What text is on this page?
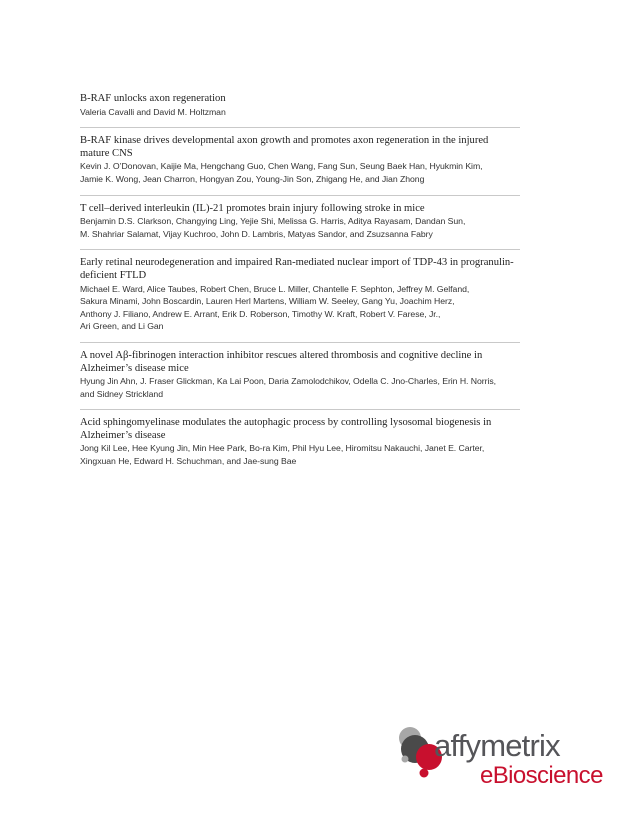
B-RAF unlocks axon regeneration

Valeria Cavalli and David M. Holtzman

B-RAF kinase drives developmental axon growth and promotes axon regeneration in the injured mature CNS

Kevin J. O’Donovan, Kaijie Ma, Hengchang Guo, Chen Wang, Fang Sun, Seung Baek Han, Hyukmin Kim,

Jamie K. Wong, Jean Charron, Hongyan Zou, Young-Jin Son, Zhigang He, and Jian Zhong

T cell–derived interleukin (IL)-21 promotes brain injury following stroke in mice

Benjamin D.S. Clarkson, Changying Ling, Yejie Shi, Melissa G. Harris, Aditya Rayasam, Dandan Sun,

M. Shahriar Salamat, Vijay Kuchroo, John D. Lambris, Matyas Sandor, and Zsuzsanna Fabry

Early retinal neurodegeneration and impaired Ran-mediated nuclear import of TDP-43 in progranulin-deficient FTLD

Michael E. Ward, Alice Taubes, Robert Chen, Bruce L. Miller, Chantelle F. Sephton, Jeffrey M. Gelfand,

Sakura Minami, John Boscardin, Lauren Herl Martens, William W. Seeley, Gang Yu, Joachim Herz,

Anthony J. Filiano, Andrew E. Arrant, Erik D. Roberson, Timothy W. Kraft, Robert V. Farese, Jr.,

Ari Green, and Li Gan

A novel Aβ-fibrinogen interaction inhibitor rescues altered thrombosis and cognitive decline in Alzheimer’s disease mice

Hyung Jin Ahn, J. Fraser Glickman, Ka Lai Poon, Daria Zamolodchikov, Odella C. Jno-Charles, Erin H. Norris,

and Sidney Strickland

Acid sphingomyelinase modulates the autophagic process by controlling lysosomal biogenesis in Alzheimer’s disease

Jong Kil Lee, Hee Kyung Jin, Min Hee Park, Bo-ra Kim, Phil Hyu Lee, Hiromitsu Nakauchi, Janet E. Carter,

Xingxuan He, Edward H. Schuchman, and Jae-sung Bae

affymetrix
eBioscience
